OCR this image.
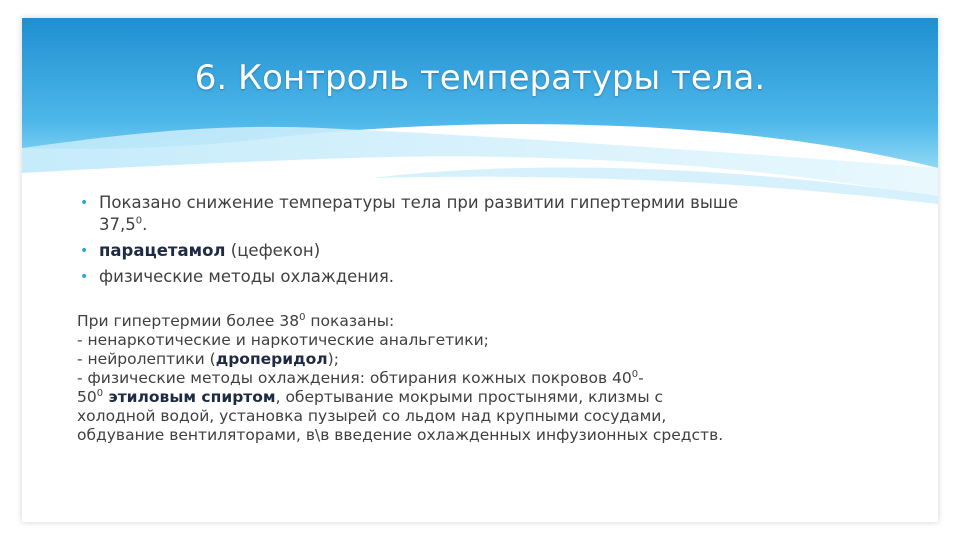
6. Контроль температуры тела.
• Показано снижение температуры тела при развитии гипертермии выше
37,5$^0$.
• парацетамол (цефекон)
• физические методы охлаждения.
При гипертермии более $38^0$ показаны:
- ненаркотические и наркотические анальгетики;
- нейролептики (дроперидол);
- физические методы охлаждения: обтирания кожных покровов $40^0-$
$50^0$ этиловым спиртом, обертывание мокрыми простынями, клизмы с
холодной водой, установка пузырей со льдом над крупными сосудами,
обдувание вентиляторами, в\в введение охлажденных инфузионных средств.
